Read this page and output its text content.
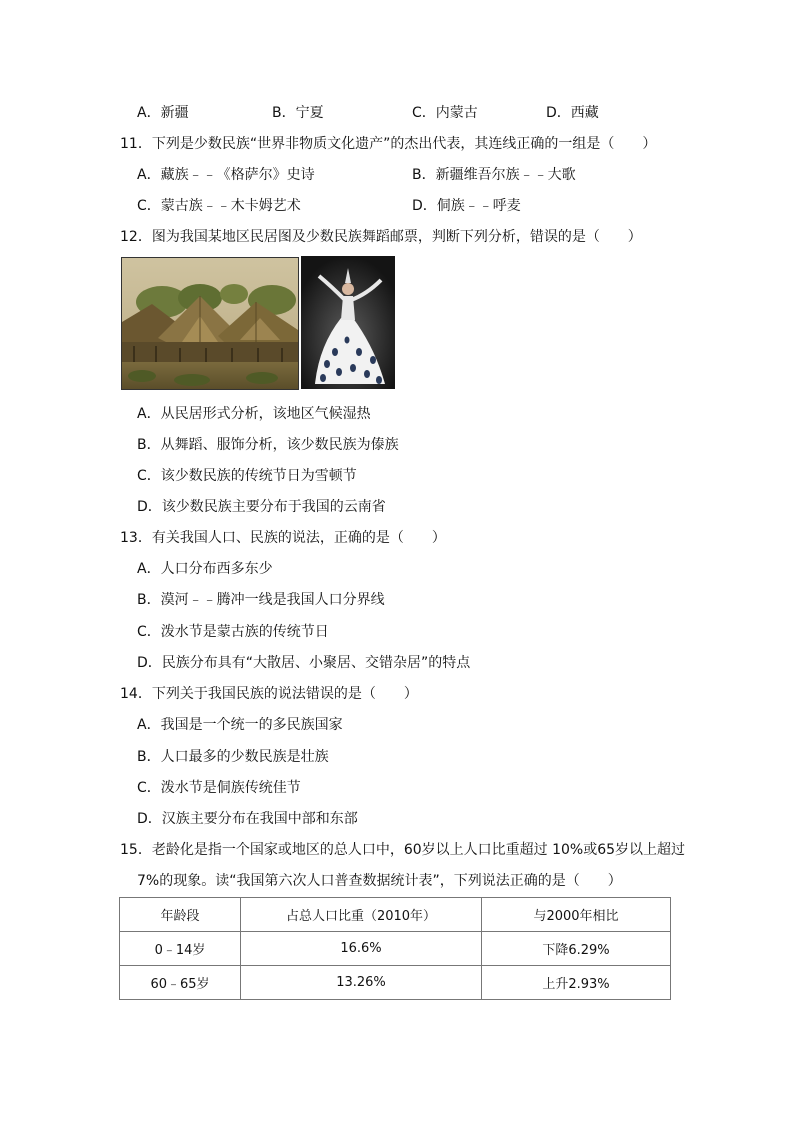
A．新疆	B．宁夏	C．内蒙古	D．西藏
11．下列是少数民族“世界非物质文化遗产”的杰出代表，其连线正确的一组是（　　）
A．藏族﹣﹣《格萨尔》史诗	B．新疆维吾尔族﹣﹣大歌
C．蒙古族﹣﹣木卡姆艺术	D．侗族﹣﹣呼麦
12．图为我国某地区民居图及少数民族舞蹈邮票，判断下列分析，错误的是（　　）
A．从民居形式分析，该地区气候湿热
B．从舞蹈、服饰分析，该少数民族为傣族
C．该少数民族的传统节日为雪顿节
D．该少数民族主要分布于我国的云南省
13．有关我国人口、民族的说法，正确的是（　　）
A．人口分布西多东少
B．漠河﹣﹣腾冲一线是我国人口分界线
C．泼水节是蒙古族的传统节日
D．民族分布具有“大散居、小聚居、交错杂居”的特点
14．下列关于我国民族的说法错误的是（　　）
A．我国是一个统一的多民族国家
B．人口最多的少数民族是壮族
C．泼水节是侗族传统佳节
D．汉族主要分布在我国中部和东部
15．老龄化是指一个国家或地区的总人口中，60岁以上人口比重超过 10%或65岁以上超过
7%的现象。读“我国第六次人口普查数据统计表”，下列说法正确的是（　　）
年龄段	占总人口比重（2010年）	与2000年相比
0﹣14岁	16.6%	下降6.29%
60﹣65岁	13.26%	上升2.93%
